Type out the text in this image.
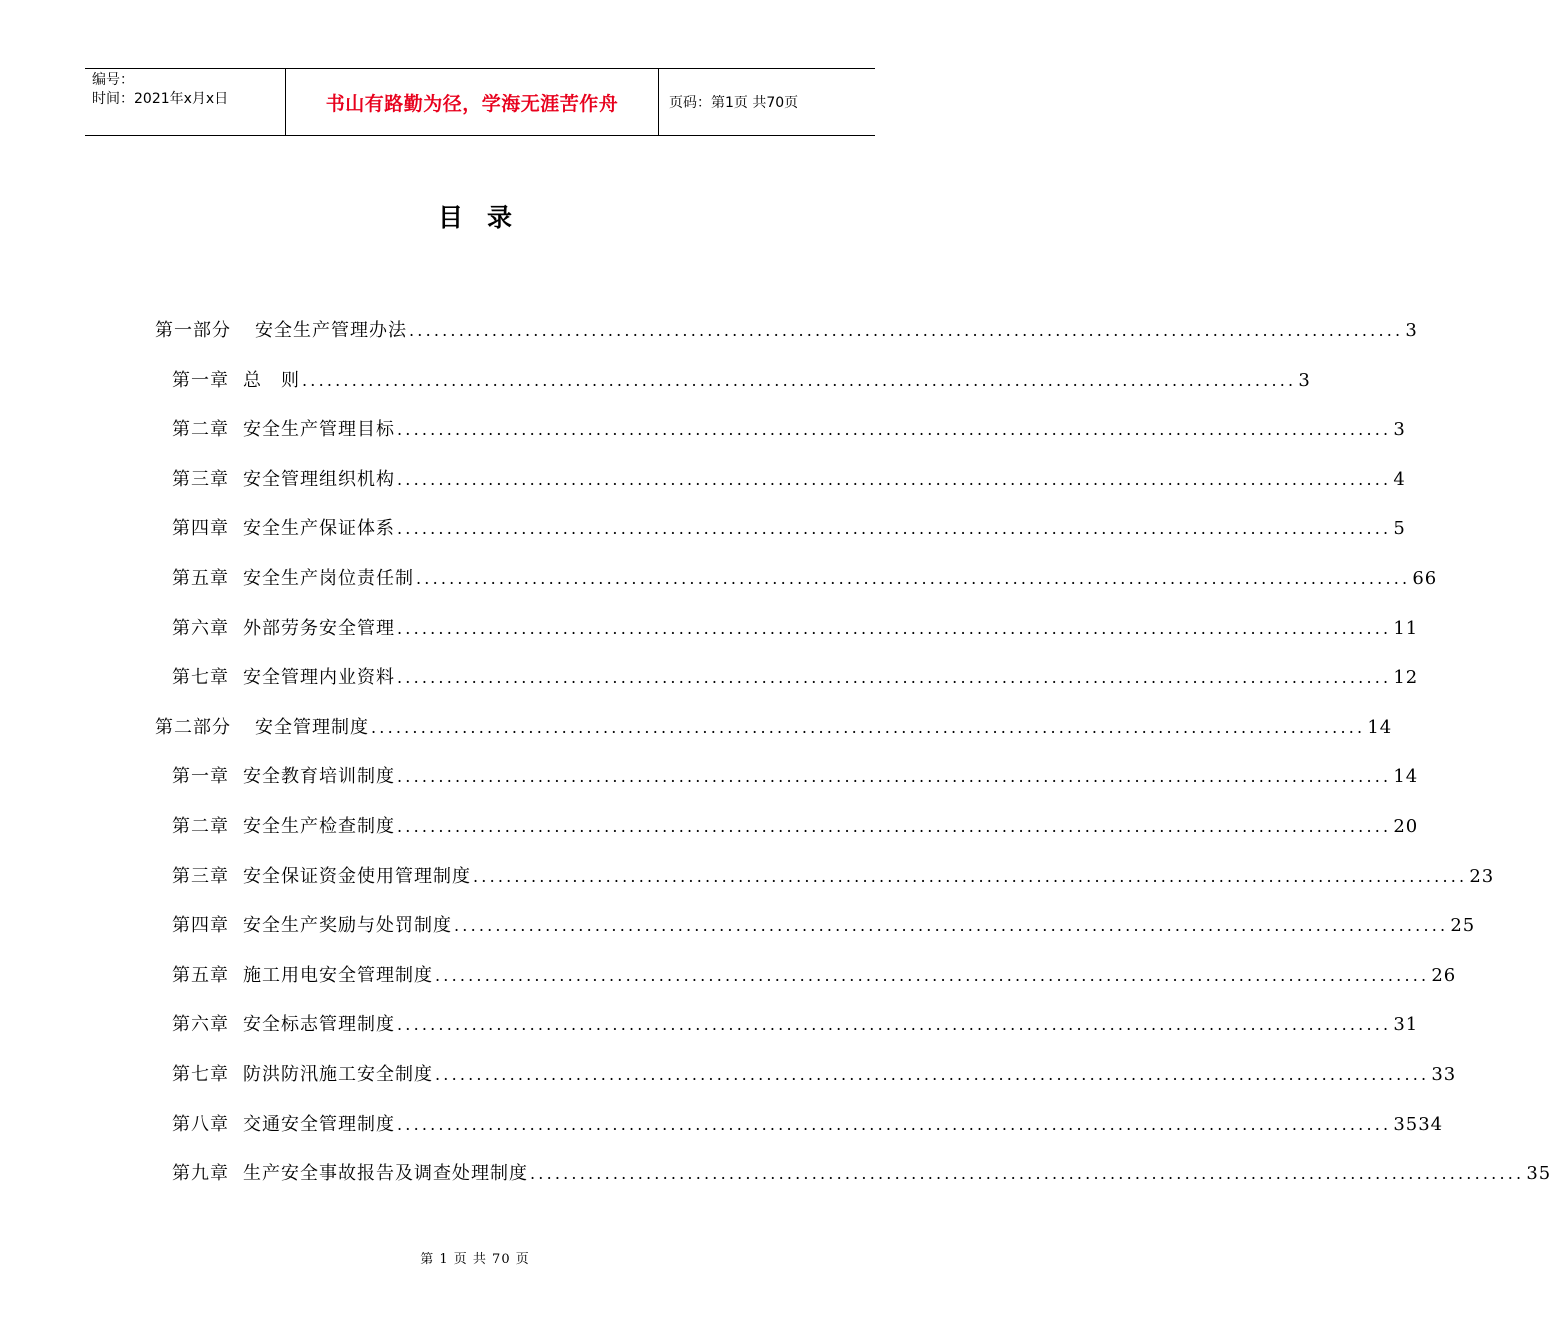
编号：
时间：2021年x月x日	书山有路勤为径，学海无涯苦作舟	页码：第1页 共70页
目录
第一部分 安全生产管理办法 ........................................................................................................................ 3
第一章 总　则 ........................................................................................................................ 3
第二章 安全生产管理目标 ........................................................................................................................ 3
第三章 安全管理组织机构 ........................................................................................................................ 4
第四章 安全生产保证体系 ........................................................................................................................ 5
第五章 安全生产岗位责任制 ........................................................................................................................ 66
第六章 外部劳务安全管理 ........................................................................................................................ 11
第七章 安全管理内业资料 ........................................................................................................................ 12
第二部分 安全管理制度 ........................................................................................................................ 14
第一章 安全教育培训制度 ........................................................................................................................ 14
第二章 安全生产检查制度 ........................................................................................................................ 20
第三章 安全保证资金使用管理制度 ........................................................................................................................ 23
第四章 安全生产奖励与处罚制度 ........................................................................................................................ 25
第五章 施工用电安全管理制度 ........................................................................................................................ 26
第六章 安全标志管理制度 ........................................................................................................................ 31
第七章 防洪防汛施工安全制度 ........................................................................................................................ 33
第八章 交通安全管理制度 ........................................................................................................................ 3534
第九章 生产安全事故报告及调查处理制度 ........................................................................................................................ 35
第 1 页 共 70 页
